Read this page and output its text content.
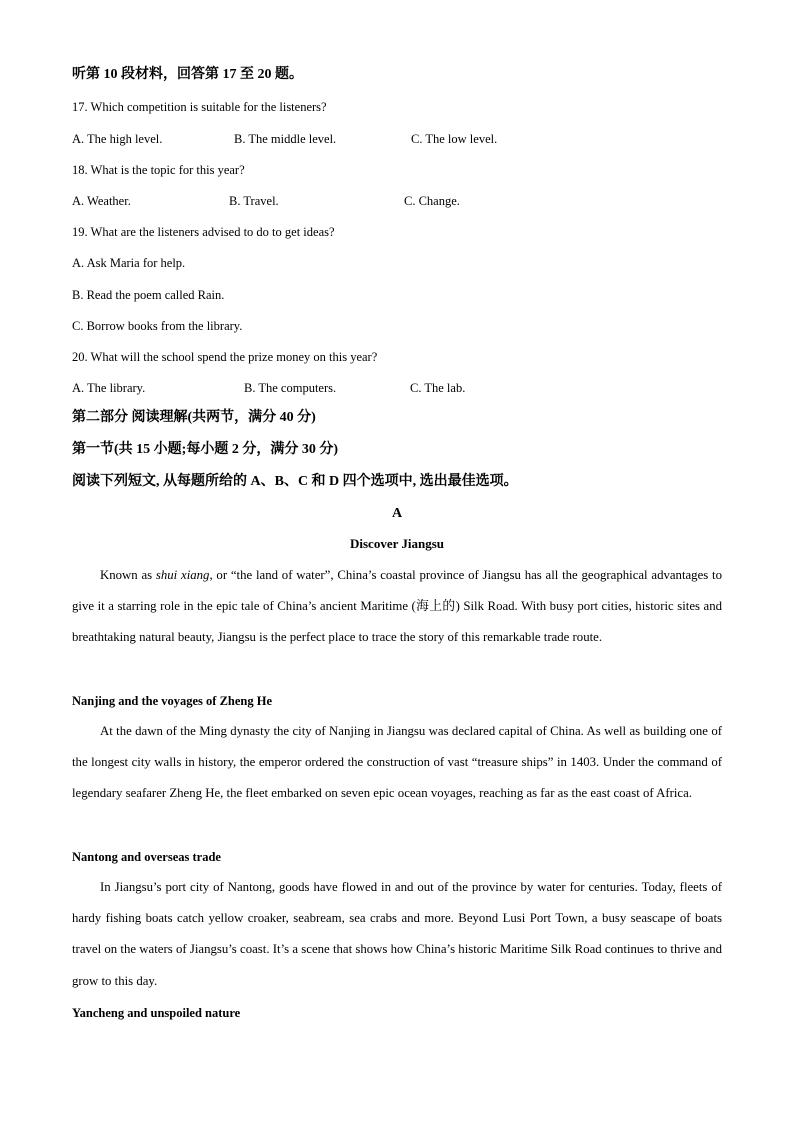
听第 10 段材料，回答第 17 至 20 题。
17. Which competition is suitable for the listeners?
A. The high level.	B. The middle level.	C. The low level.
18. What is the topic for this year?
A. Weather.	B. Travel.	C. Change.
19. What are the listeners advised to do to get ideas?
A. Ask Maria for help.
B. Read the poem called Rain.
C. Borrow books from the library.
20. What will the school spend the prize money on this year?
A. The library.	B. The computers.	C. The lab.
第二部分 阅读理解(共两节，满分 40 分)
第一节(共 15 小题;每小题 2 分，满分 30 分)
阅读下列短文, 从每题所给的 A、B、C 和 D 四个选项中, 选出最佳选项。
A
Discover Jiangsu
Known as shui xiang, or “the land of water”, China’s coastal province of Jiangsu has all the geographical advantages to give it a starring role in the epic tale of China’s ancient Maritime (海上的) Silk Road. With busy port cities, historic sites and breathtaking natural beauty, Jiangsu is the perfect place to trace the story of this remarkable trade route.
Nanjing and the voyages of Zheng He
At the dawn of the Ming dynasty the city of Nanjing in Jiangsu was declared capital of China. As well as building one of the longest city walls in history, the emperor ordered the construction of vast “treasure ships” in 1403. Under the command of legendary seafarer Zheng He, the fleet embarked on seven epic ocean voyages, reaching as far as the east coast of Africa.
Nantong and overseas trade
In Jiangsu’s port city of Nantong, goods have flowed in and out of the province by water for centuries. Today, fleets of hardy fishing boats catch yellow croaker, seabream, sea crabs and more. Beyond Lusi Port Town, a busy seascape of boats travel on the waters of Jiangsu’s coast. It’s a scene that shows how China’s historic Maritime Silk Road continues to thrive and grow to this day.
Yancheng and unspoiled nature
